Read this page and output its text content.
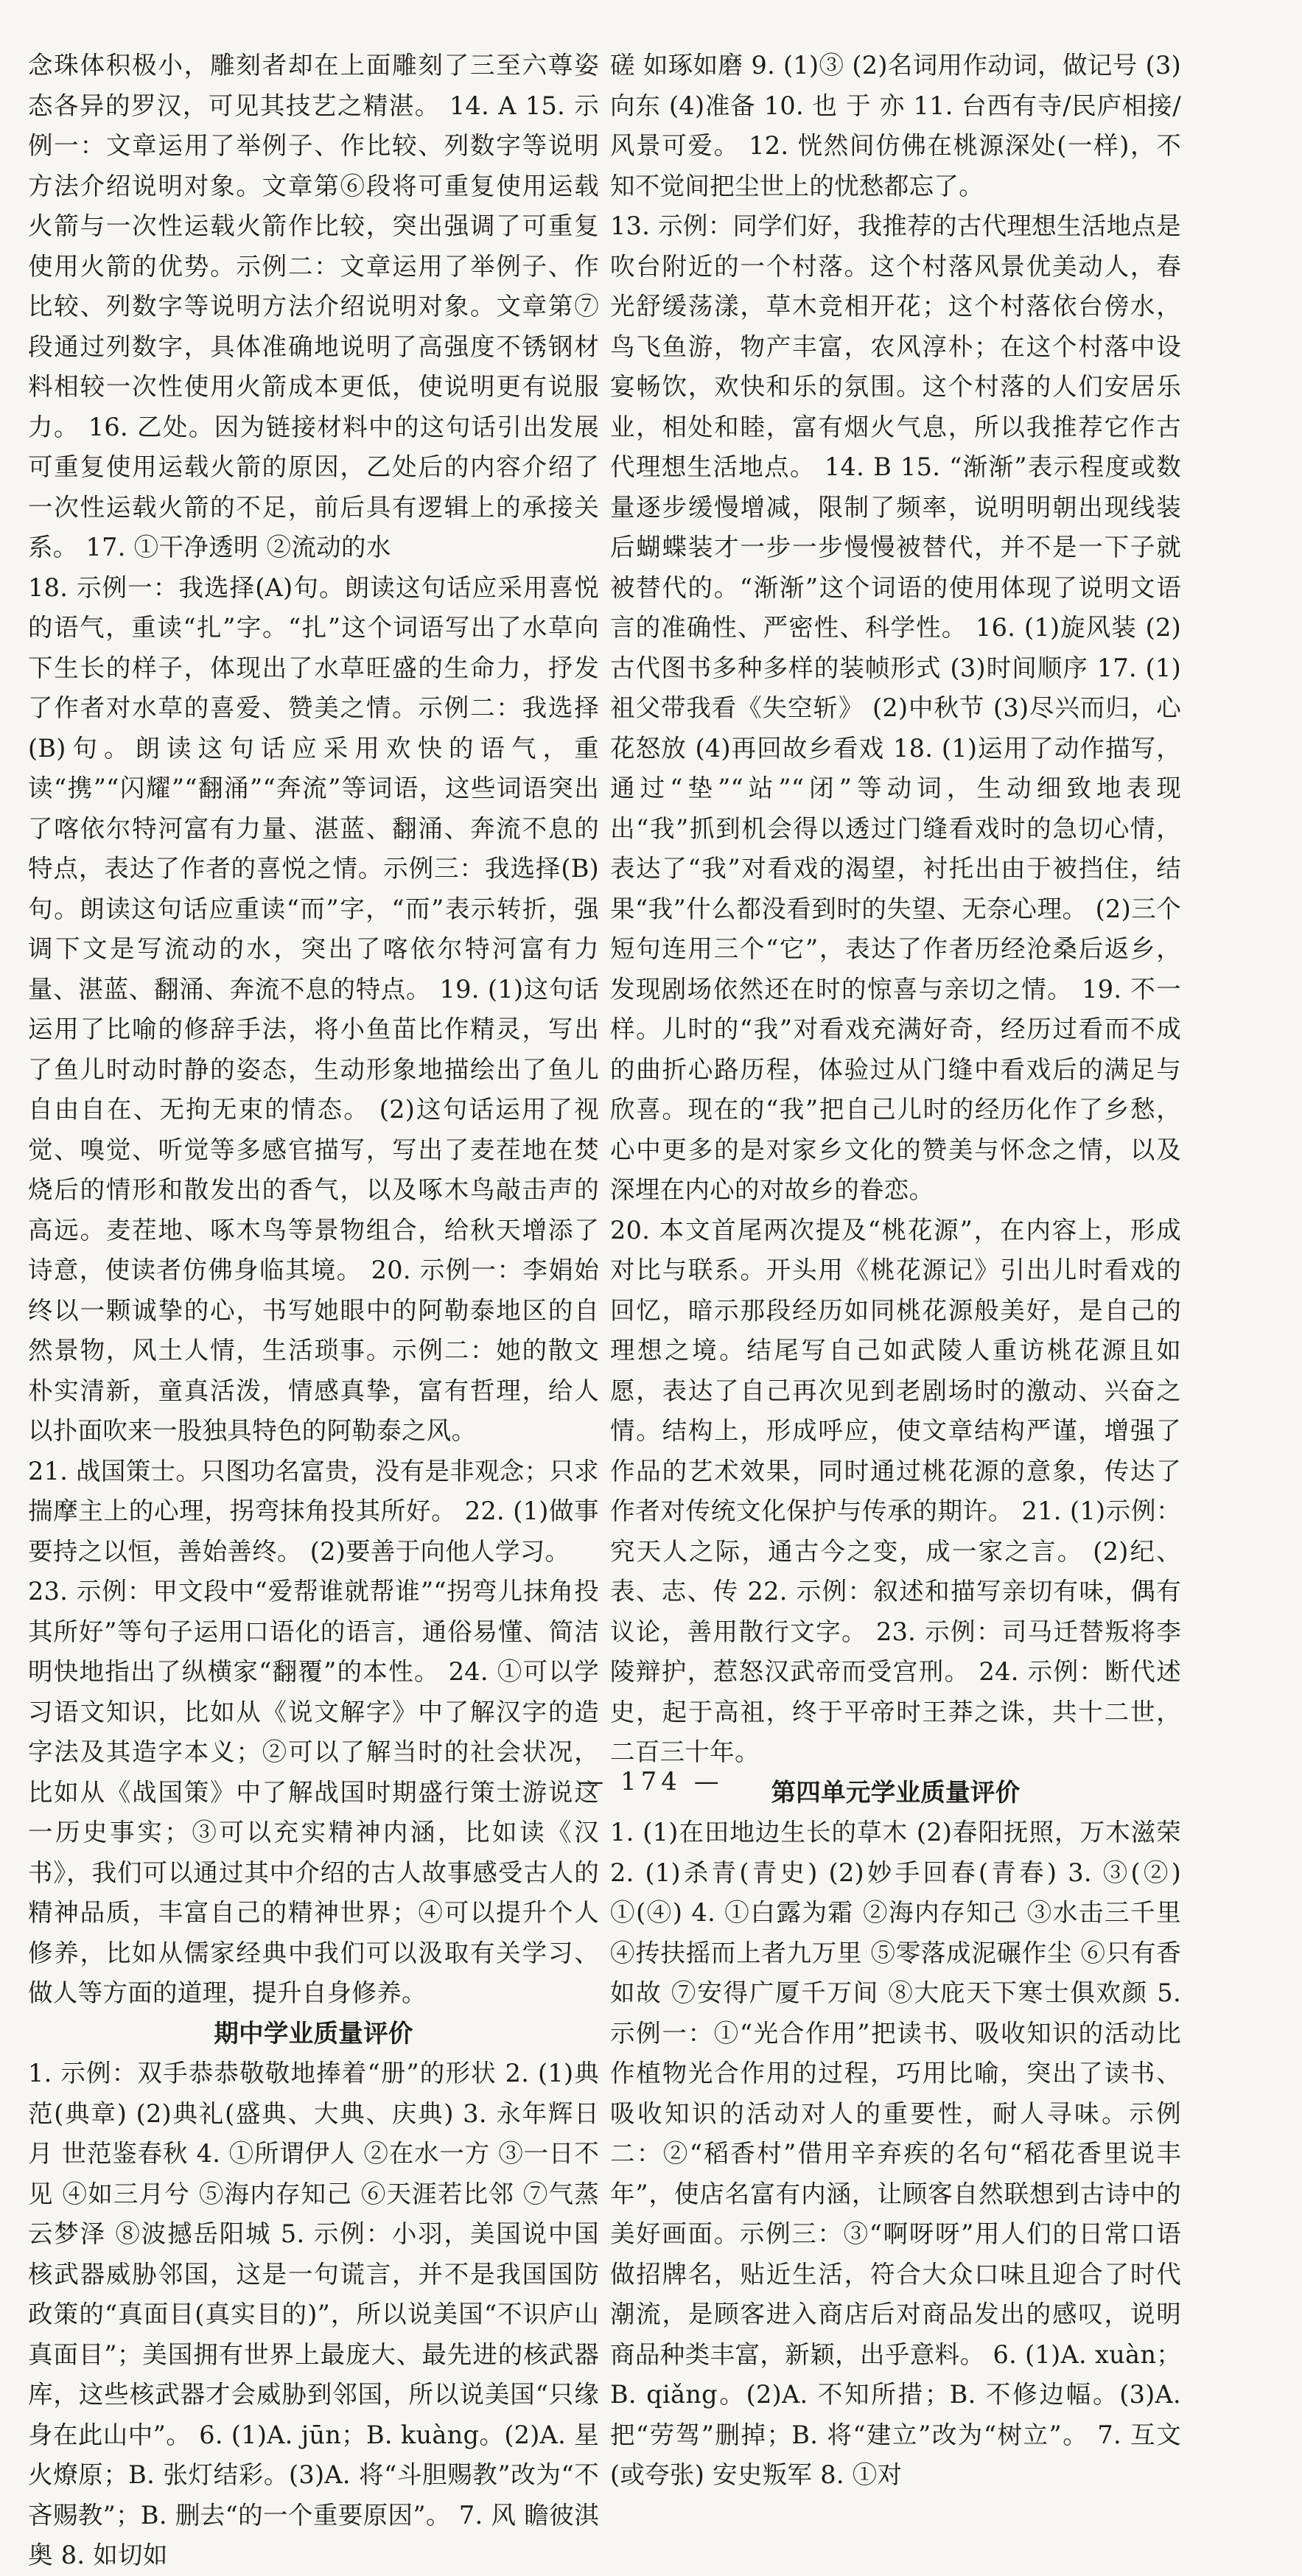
念珠体积极小，雕刻者却在上面雕刻了三至六尊姿态各异的罗汉，可见其技艺之精湛。 14. A 15. 示例一：文章运用了举例子、作比较、列数字等说明方法介绍说明对象。文章第⑥段将可重复使用运载火箭与一次性运载火箭作比较，突出强调了可重复使用火箭的优势。示例二：文章运用了举例子、作比较、列数字等说明方法介绍说明对象。文章第⑦段通过列数字，具体准确地说明了高强度不锈钢材料相较一次性使用火箭成本更低，使说明更有说服力。 16. 乙处。因为链接材料中的这句话引出发展可重复使用运载火箭的原因，乙处后的内容介绍了一次性运载火箭的不足，前后具有逻辑上的承接关系。 17. ①干净透明 ②流动的水

18. 示例一：我选择(A)句。朗读这句话应采用喜悦的语气，重读“扎”字。“扎”这个词语写出了水草向下生长的样子，体现出了水草旺盛的生命力，抒发了作者对水草的喜爱、赞美之情。示例二：我选择(B)句。朗读这句话应采用欢快的语气，重读“携”“闪耀”“翻涌”“奔流”等词语，这些词语突出了喀依尔特河富有力量、湛蓝、翻涌、奔流不息的特点，表达了作者的喜悦之情。示例三：我选择(B)句。朗读这句话应重读“而”字，“而”表示转折，强调下文是写流动的水，突出了喀依尔特河富有力量、湛蓝、翻涌、奔流不息的特点。 19. (1)这句话运用了比喻的修辞手法，将小鱼苗比作精灵，写出了鱼儿时动时静的姿态，生动形象地描绘出了鱼儿自由自在、无拘无束的情态。 (2)这句话运用了视觉、嗅觉、听觉等多感官描写，写出了麦茬地在焚烧后的情形和散发出的香气，以及啄木鸟敲击声的高远。麦茬地、啄木鸟等景物组合，给秋天增添了诗意，使读者仿佛身临其境。 20. 示例一：李娟始终以一颗诚挚的心，书写她眼中的阿勒泰地区的自然景物，风土人情，生活琐事。示例二：她的散文朴实清新，童真活泼，情感真挚，富有哲理，给人以扑面吹来一股独具特色的阿勒泰之风。

21. 战国策士。只图功名富贵，没有是非观念；只求揣摩主上的心理，拐弯抹角投其所好。 22. (1)做事要持之以恒，善始善终。 (2)要善于向他人学习。

23. 示例：甲文段中“爱帮谁就帮谁”“拐弯儿抹角投其所好”等句子运用口语化的语言，通俗易懂、简洁明快地指出了纵横家“翻覆”的本性。 24. ①可以学习语文知识，比如从《说文解字》中了解汉字的造字法及其造字本义；②可以了解当时的社会状况，比如从《战国策》中了解战国时期盛行策士游说这一历史事实；③可以充实精神内涵，比如读《汉书》，我们可以通过其中介绍的古人故事感受古人的精神品质，丰富自己的精神世界；④可以提升个人修养，比如从儒家经典中我们可以汲取有关学习、做人等方面的道理，提升自身修养。

期中学业质量评价

1. 示例：双手恭恭敬敬地捧着“册”的形状 2. (1)典范(典章) (2)典礼(盛典、大典、庆典) 3. 永年辉日月 世范鉴春秋 4. ①所谓伊人 ②在水一方 ③一日不见 ④如三月兮 ⑤海内存知己 ⑥天涯若比邻 ⑦气蒸云梦泽 ⑧波撼岳阳城 5. 示例：小羽，美国说中国核武器威胁邻国，这是一句谎言，并不是我国国防政策的“真面目(真实目的)”，所以说美国“不识庐山真面目”；美国拥有世界上最庞大、最先进的核武器库，这些核武器才会威胁到邻国，所以说美国“只缘身在此山中”。 6. (1)A. jūn；B. kuàng。(2)A. 星火燎原；B. 张灯结彩。(3)A. 将“斗胆赐教”改为“不吝赐教”；B. 删去“的一个重要原因”。 7. 风 瞻彼淇奥 8. 如切如

磋 如琢如磨 9. (1)③ (2)名词用作动词，做记号 (3)向东 (4)准备 10. 也 于 亦 11. 台西有寺/民庐相接/风景可爱。 12. 恍然间仿佛在桃源深处(一样)，不知不觉间把尘世上的忧愁都忘了。

13. 示例：同学们好，我推荐的古代理想生活地点是吹台附近的一个村落。这个村落风景优美动人，春光舒缓荡漾，草木竞相开花；这个村落依台傍水，鸟飞鱼游，物产丰富，农风淳朴；在这个村落中设宴畅饮，欢快和乐的氛围。这个村落的人们安居乐业，相处和睦，富有烟火气息，所以我推荐它作古代理想生活地点。 14. B 15. “渐渐”表示程度或数量逐步缓慢增减，限制了频率，说明明朝出现线装后蝴蝶装才一步一步慢慢被替代，并不是一下子就被替代的。“渐渐”这个词语的使用体现了说明文语言的准确性、严密性、科学性。 16. (1)旋风装 (2)古代图书多种多样的装帧形式 (3)时间顺序 17. (1)祖父带我看《失空斩》 (2)中秋节 (3)尽兴而归，心花怒放 (4)再回故乡看戏 18. (1)运用了动作描写，通过“垫”“站”“闭”等动词，生动细致地表现出“我”抓到机会得以透过门缝看戏时的急切心情，表达了“我”对看戏的渴望，衬托出由于被挡住，结果“我”什么都没看到时的失望、无奈心理。 (2)三个短句连用三个“它”，表达了作者历经沧桑后返乡，发现剧场依然还在时的惊喜与亲切之情。 19. 不一样。儿时的“我”对看戏充满好奇，经历过看而不成的曲折心路历程，体验过从门缝中看戏后的满足与欣喜。现在的“我”把自己儿时的经历化作了乡愁，心中更多的是对家乡文化的赞美与怀念之情，以及深埋在内心的对故乡的眷恋。

20. 本文首尾两次提及“桃花源”，在内容上，形成对比与联系。开头用《桃花源记》引出儿时看戏的回忆，暗示那段经历如同桃花源般美好，是自己的理想之境。结尾写自己如武陵人重访桃花源且如愿，表达了自己再次见到老剧场时的激动、兴奋之情。结构上，形成呼应，使文章结构严谨，增强了作品的艺术效果，同时通过桃花源的意象，传达了作者对传统文化保护与传承的期许。 21. (1)示例：究天人之际，通古今之变，成一家之言。 (2)纪、表、志、传 22. 示例：叙述和描写亲切有味，偶有议论，善用散行文字。 23. 示例：司马迁替叛将李陵辩护，惹怒汉武帝而受宫刑。 24. 示例：断代述史，起于高祖，终于平帝时王莽之诛，共十二世，二百三十年。

第四单元学业质量评价

1. (1)在田地边生长的草木 (2)春阳抚照，万木滋荣 2. (1)杀青(青史) (2)妙手回春(青春) 3. ③(②) ①(④) 4. ①白露为霜 ②海内存知己 ③水击三千里 ④抟扶摇而上者九万里 ⑤零落成泥碾作尘 ⑥只有香如故 ⑦安得广厦千万间 ⑧大庇天下寒士俱欢颜 5. 示例一：①“光合作用”把读书、吸收知识的活动比作植物光合作用的过程，巧用比喻，突出了读书、吸收知识的活动对人的重要性，耐人寻味。示例二：②“稻香村”借用辛弃疾的名句“稻花香里说丰年”，使店名富有内涵，让顾客自然联想到古诗中的美好画面。示例三：③“啊呀呀”用人们的日常口语做招牌名，贴近生活，符合大众口味且迎合了时代潮流，是顾客进入商店后对商品发出的感叹，说明商品种类丰富，新颖，出乎意料。 6. (1)A. xuàn；B. qiǎng。(2)A. 不知所措；B. 不修边幅。(3)A. 把“劳驾”删掉；B. 将“建立”改为“树立”。 7. 互文(或夸张) 安史叛军 8. ①对

— 174 —
